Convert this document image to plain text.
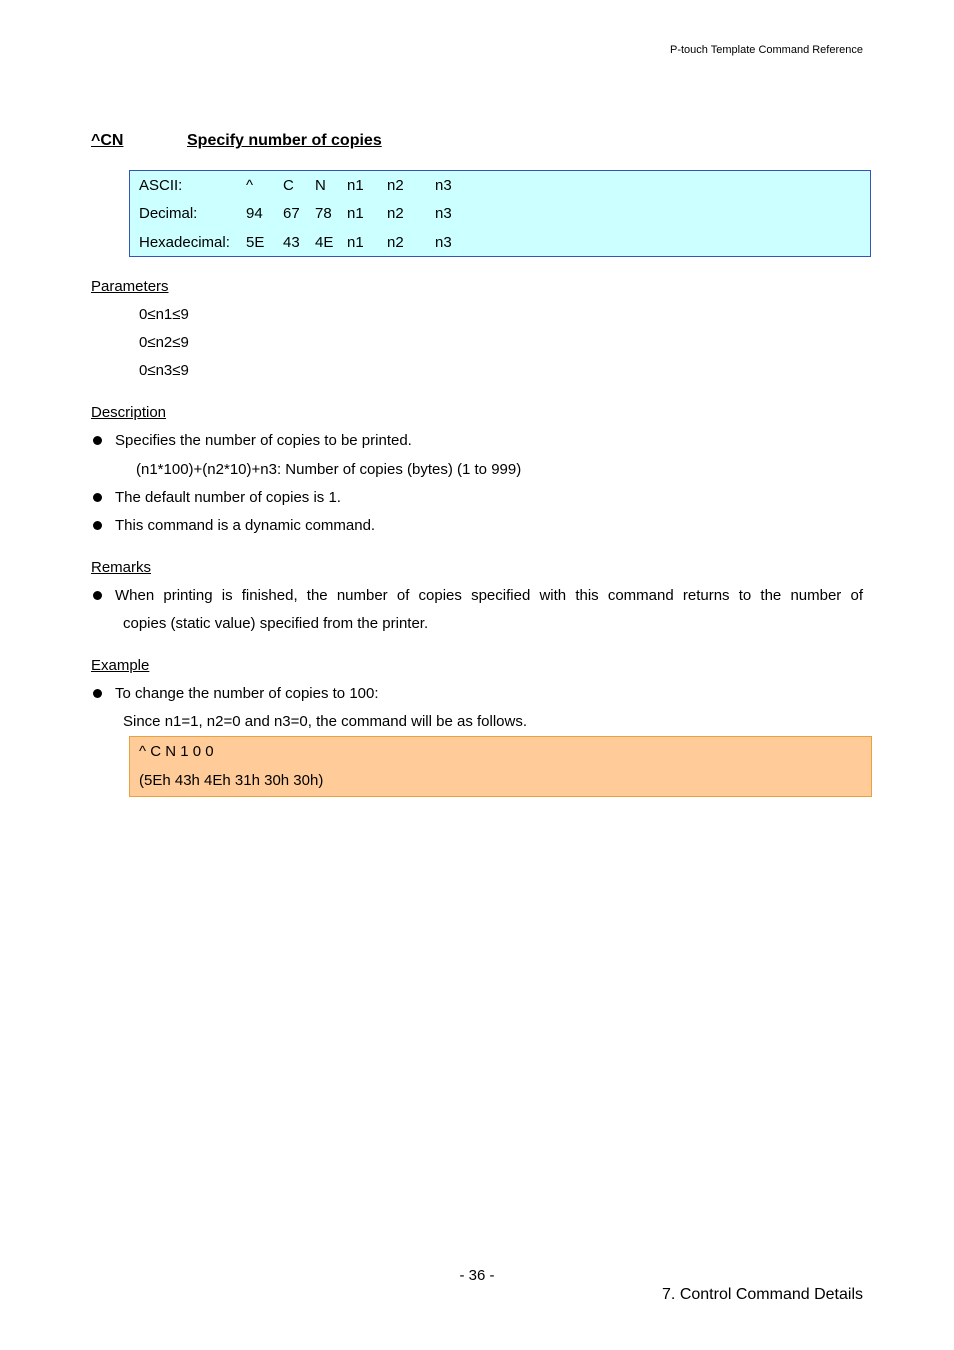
P-touch Template Command Reference
^CN	Specify number of copies
ASCII:	^ C N n1 n2 n3
Decimal:	94 67 78 n1 n2 n3
Hexadecimal: 5E 43 4E n1 n2 n3
Parameters
0≤n1≤9
0≤n2≤9
0≤n3≤9
Description
Specifies the number of copies to be printed.
(n1*100)+(n2*10)+n3: Number of copies (bytes) (1 to 999)
The default number of copies is 1.
This command is a dynamic command.
Remarks
When printing is finished, the number of copies specified with this command returns to the number of
copies (static value) specified from the printer.
Example
To change the number of copies to 100:
Since n1=1, n2=0 and n3=0, the command will be as follows.
^ C N 1 0 0
(5Eh 43h 4Eh 31h 30h 30h)
- 36 -
7. Control Command Details
